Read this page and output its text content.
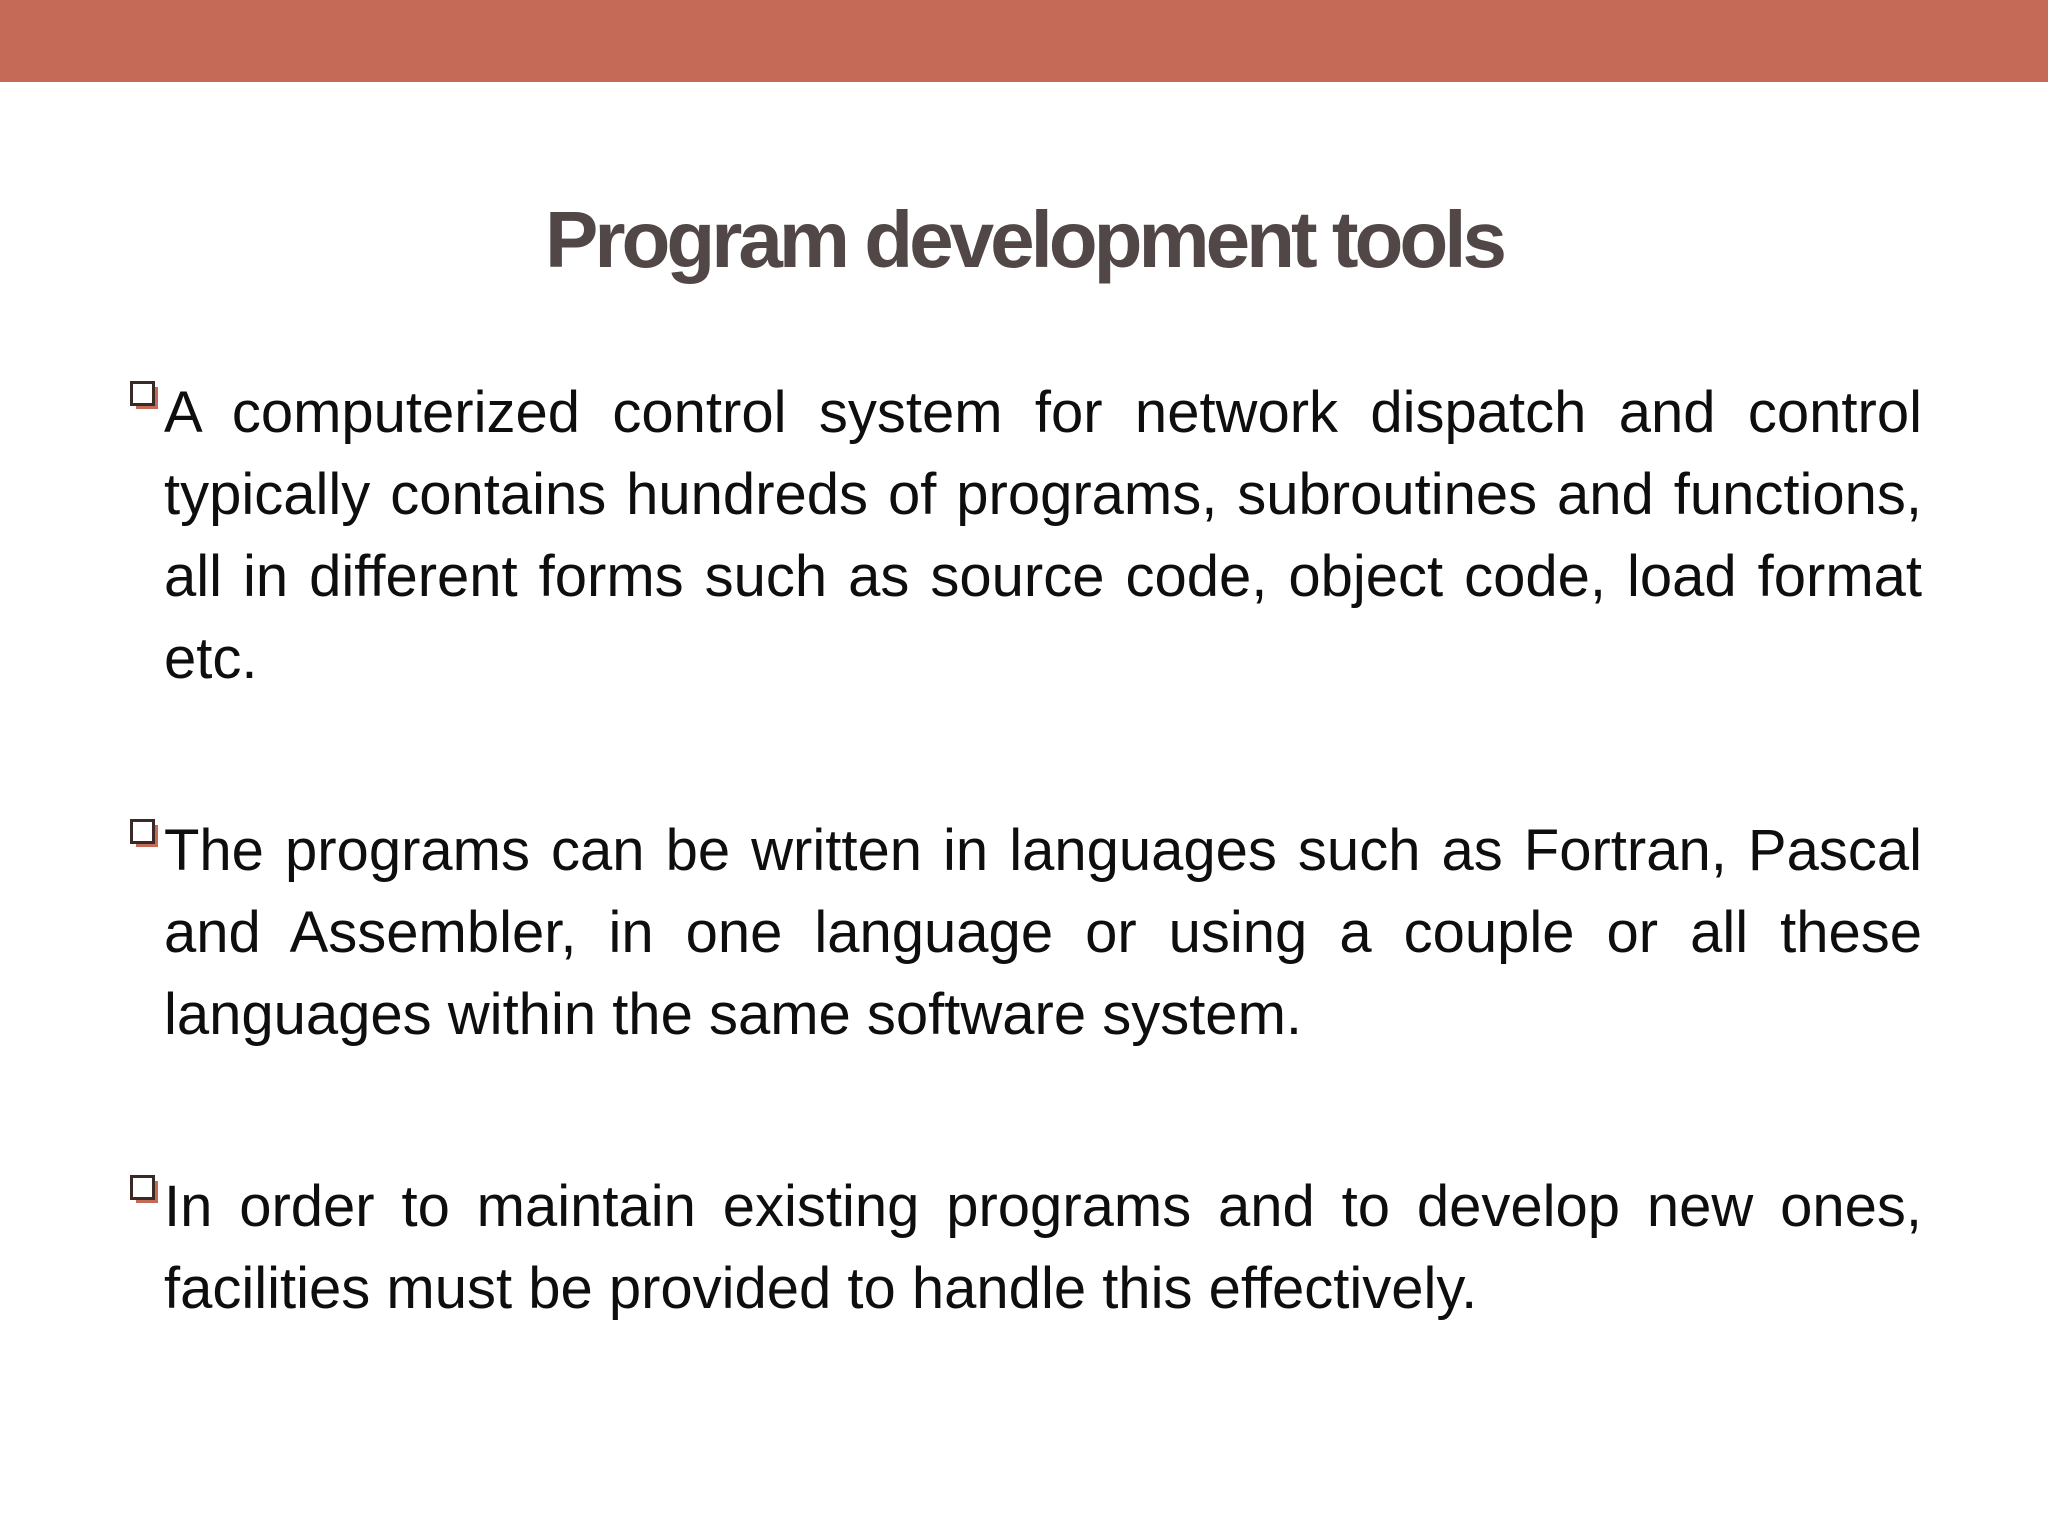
Program development tools
A computerized control system for network dispatch and control typically contains hundreds of programs, subroutines and functions, all in different forms such as source code, object code, load format etc.
The programs can be written in languages such as Fortran, Pascal and Assembler, in one language or using a couple or all these languages within the same software system.
In order to maintain existing programs and to develop new ones, facilities must be provided to handle this effectively.
